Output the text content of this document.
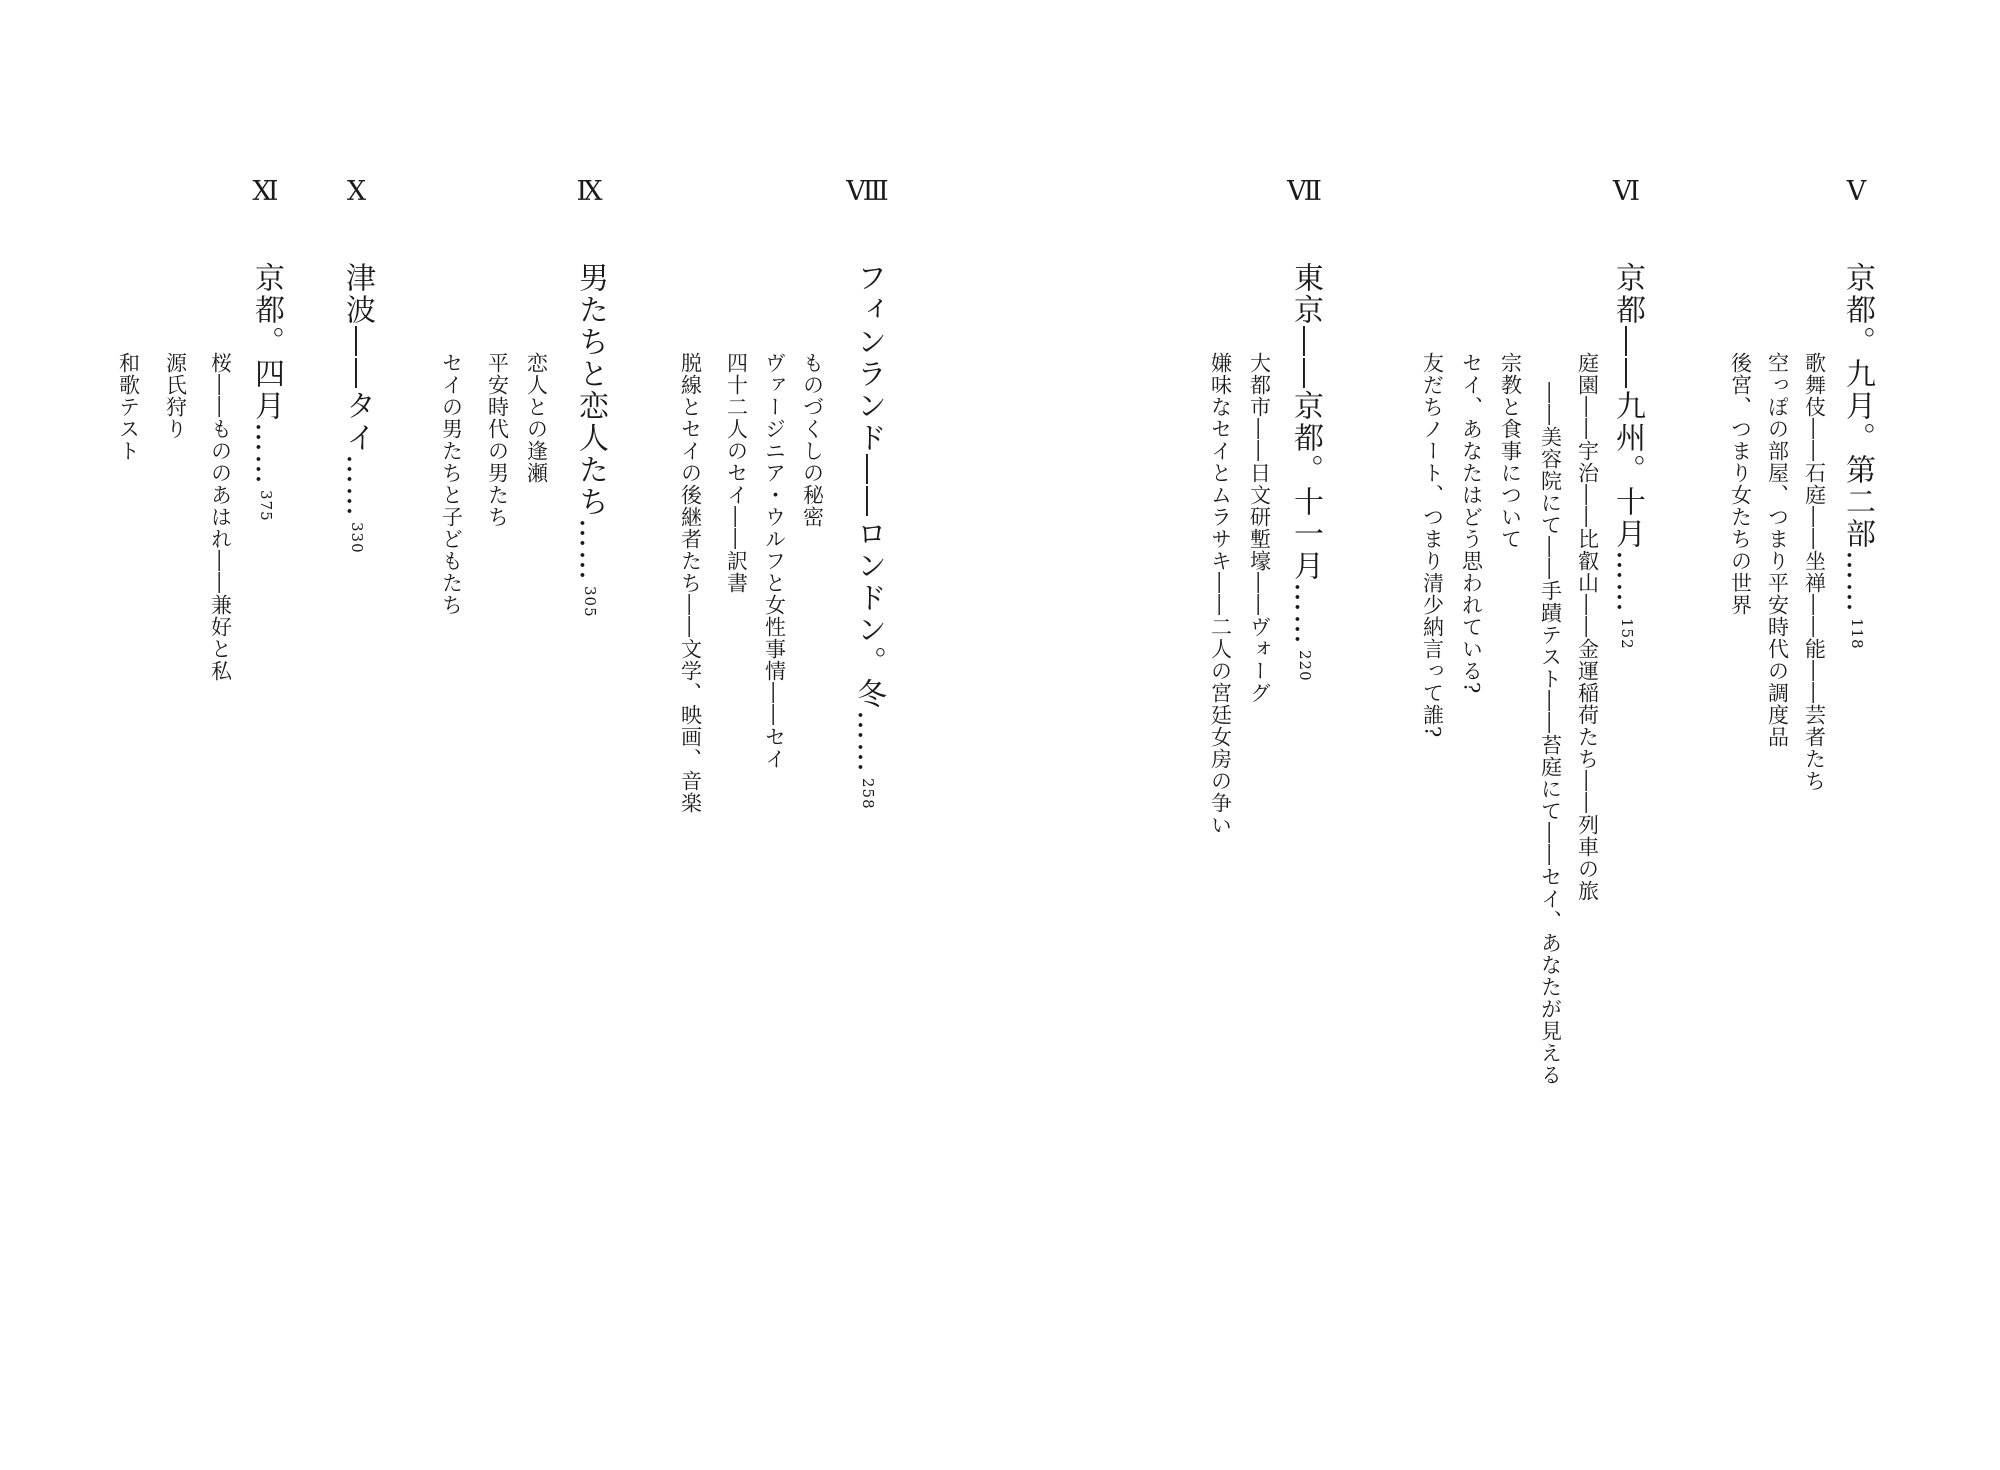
Ⅴ
京都。九月。第二部……118
歌舞伎――石庭――坐禅――能――芸者たち
空っぽの部屋、つまり平安時代の調度品
後宮、つまり女たちの世界
Ⅵ
京都――九州。十月……152
庭園――宇治――比叡山――金運稲荷たち――列車の旅
――美容院にて――手蹟テスト――苔庭にて――セイ、あなたが見える
宗教と食事について
セイ、あなたはどう思われている?
友だちノート、つまり清少納言って誰?
Ⅶ
東京――京都。十一月……220
大都市――日文研塹壕――ヴォーグ
嫌味なセイとムラサキ――二人の宮廷女房の争い
Ⅷ
フィンランド――ロンドン。冬……258
ものづくしの秘密
ヴァージニア・ウルフと女性事情――セイ
四十二人のセイ――訳書
脱線とセイの後継者たち――文学、映画、音楽
Ⅸ
男たちと恋人たち……305
恋人との逢瀬
平安時代の男たち
セイの男たちと子どもたち
Ⅹ
津波――タイ……330
Ⅺ
京都。四月……375
桜――もののあはれ――兼好と私
源氏狩り
和歌テスト
